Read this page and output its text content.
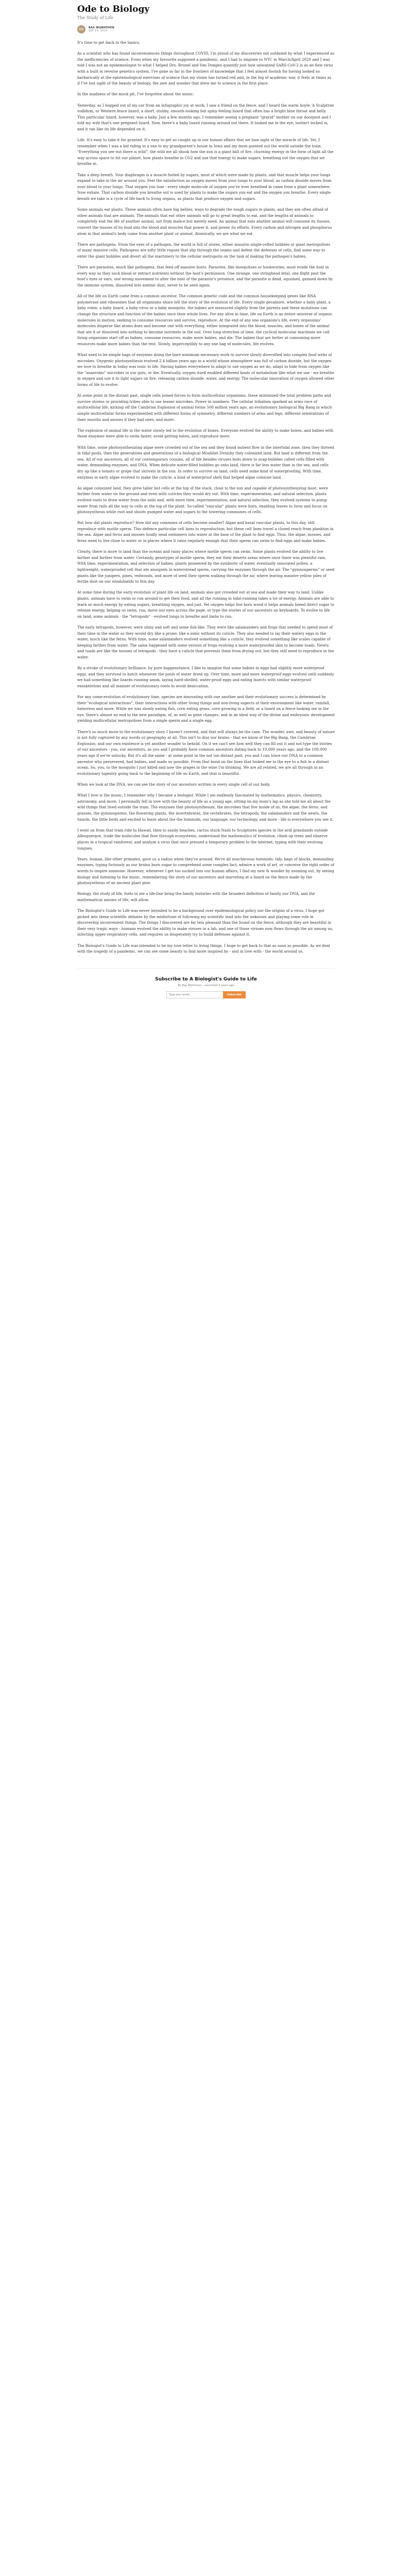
Ode to Biology
The Study of Life
BW	BAS WIJNHOVEN
SEP 14, 2024

It's time to get back to the basics.

As a scientist who has found inconveniences things throughout COVID, I'm proud of my discoveries not outdated by what I experienced as the inefficiencies of science. From when my favourite supposed a pandemic, and I had to migrate to NYC in March/April 2020 and I was told I was not an epidemiologist to what I helped Drs. Brunel and Van Dongen quantify just how unwanted SARS-CoV-2 is as an flow virus with a built in reverse genetics system, I've gone so far in the frontiers of knowledge that I feel almost foolish for having looked so barbarically at the epistemological exercises of science that my vision has turned red and, in the fog of academic war, it feels at times as if I've lost sight of the beauty of biology, the awe and wonder that drew me to science in the first place.

In the madness of the mock pit, I've forgotten about the music.

Yesterday, as I hopped out of my car from an infographic joy at work, I saw a friend on the fence, and I heard the warm hoyle. A Scalptron vodidum, or Western fence lizard, a short, stubby, smooth-looking but spiny-feeling lizard that often has a bright blue throat and belly. This particular lizard, however, was a baby. Just a few months ago, I remember seeing a pregnant "gravid" mother on our doorpost and I told my wife that's one pregnant lizard. Now, there's a baby lizard running around out there. It looked me in the eye, instinct locked in, and it ran like its life depended on it.

Life. It's easy to take it for granted. It's easy to get so caught up in our human affairs that we lose sight of the miracle of life. Yet, I remember when I was a kid riding in a van to my grandparent's house in Iowa and my mom pointed out the world outside the train. "Everything you see out there is wild", the wild me all shook how the sun is a giant ball of fire, churning energy in the form of light all the way across space to hit our planet, how plants breathe in CO2 and use that energy to make sugars, breathing out the oxygen that we breathe in.

Take a deep breath. Your diaphragm is a muscle fueled by sugars, most of which were made by plants, and that muscle helps your lungs expand to take in the air around you. Feel the satisfaction as oxygen moves from your lungs to your blood, as carbon dioxide moves from your blood to your lungs. That oxygen you lose - every single molecule of oxygen you've ever breathed in came from a plant somewhere. Now exhale. That carbon dioxide you breathe out is used by plants to make the sugars you eat and the oxygen you breathe. Every single breath we take is a cycle of life back to living organs, as plants that produce oxygen and sugars.

Some animals eat plants. These animals often have big bellies, ways to degrade the tough sugars in plants, and they are often afraid of other animals that are animals. The animals that eat other animals will go to great lengths to eat, and the lengths of animals to completely end the life of another animal, not from malice but merely need. An animal that eats another animal will consume its tissues, convert the tissues of its food into the blood and muscles that power it, and power its efforts. Every carbon and nitrogen and phosphorus atom in that animal's body came from another plant or animal. Atomically, we are what we eat.

There are pathogens. From the eyes of a pathogen, the world is full of stores, either massive single-celled bubbles or giant metropolises of many massive cells. Pathogens are nifty little rogues that slip through the seams and defeat the defenses of cells, find some way to enter the giant bubbles and divert all the machinery to the cellular metropolis on the task of making the pathogen's babies.

There are parasites, much like pathogens, that feed off massive hosts. Parasites, like mosquitoes or hookworms, must evade the host in every way so they suck blood or extract nutrients without the host's permission. One strange, one stringhead fetal, one flight past the host's eyes or ears, one wrong movement to alter the host of the parasite's presence, and the parasite is dead, squished, gunned down by the immune system, dissolved into anemic dust, never to be seen again.

All of the life on Earth came from a common ancestor. The common genetic code and the common housekeeping genes like RNA polymerase and ribosomes that all organisms share tell the story of the evolution of life. Every single gecamore, whether a baby plant, a baby robin, a baby lizard, a baby virus or a baby mosquito, the babies are measured slightly from the parents and these mutations can change the structure and function of the babies once their whole lives. For any alive in time, life on Earth is an entire universe of organic molecules in motion, seeking to consume resources and survive, reproduce. At the end of any one organism's life, every organisms' molecules disperse like atoms does and become one with everything, either integrated into the blood, muscles, and bones of the animal that ate it or dissolved into nothing to become nutrients in the soil. Over long stretches of time, the cyclical molecular machines we call living organisms start off as babies, consume resources, make more babies, and die. The babies that are better at consuming more resources make more babies than the rest. Slowly, imperceptibly to any one bag of molecules, life evolves.

What used to be simple bags of enzymes doing the bare minimum necessary work to survive slowly diversified into complex food webs of microbes. Oxygenic photosynthesis evolved 2.4 billion years ago in a world whose atmosphere was full of carbon dioxide, but the oxygen we love to breathe in today was toxic to life. Having babies everywhere to adapt to use oxygen as we do, adapt to hide from oxygen like the "anaerobic" microbes in our guts, or die. Eventually, oxygen itself enabled different kinds of metabolism like what we use - we breathe in oxygen and use it to light sugars on fire, releasing carbon dioxide, water, and energy. The molecular innovation of oxygen allowed other forms of life to evolve.

At some point in the distant past, single cells joined forces to form multicellular organisms, these minimized the total problem paths and survive storms or providing tribes able to use leaner microbes. Power in numbers. The cellular tribalism sparked an arms race of multicellular life, kicking off the Cambrian Explosion of animal forms 500 million years ago, an evolutionary biological Big Bang in which simple multicellular forms experimented with different forms of symmetry, different numbers of arms and legs, different orientations of their mouths and anuses if they had ones, and more.

The explosion of animal life in the water slowly led to the evolution of bones. Everyone evolved the ability to make bones, and babies with those enzymes were able to swim faster, avoid getting eaten, and reproduce more.

With time, some photosynthesizing algae were crowded out of the sea and they found nutient flow in the intertidal zone, then they thrived in tidal pools, then the generations and generations of a biological Moubliet Dvnishy they colonized land. But land is different from the sea. All of our ancestors, all of our contemporary cousins, all of life besides viruses boils down to soap-bubbles called cells filled with water, demanding enzymes, and DNA. When delicate water-filled bubbles go onto land, there is far less water than in the sea, and cells dry up like a tomato or grape that shrivels in the sun. In order to survive on land, cells need some kind of waterproofing. With time, enzymes in early algae evolved to make the cuticle, a kind of waterproof shell that helped algae colonize land.

As algae colonized land, they grew taller but cells at the top of the stack, close to the sun and capable of photosynthesizing most, were farther from water on the ground and even with cuticles they would dry out. With time, experimentation, and natural selection, plants evolved roots to draw water from the soils and, with more time, experimentation, and natural selection, they evolved systems to pump water from rails all the way to cells at the top of the plant. So-called "vascular" plants were born, enabling leaves to form and focus on photosynthesis while root and shoots pumped water and sugars to the towering communes of cells.

But how did plants reproduce? How did any commons of cells become smaller? Algae and basal vascular plants, to this day, still reproduce with motile sperm. This defence particular cell lines to reproduction, but these cell lines travel a closed reach from plankton in the sea. Algae and ferns and mosses loudly send swimmers into water at the base of the plant to find eggs. Thus, the algae, mosses, and ferns need to live close to water or in places where it rains regularly enough that their sperm can swim to find eggs and make babies.

Clearly, there is more to land than the oceans and rainy places where motile sperm can swim. Some plants evolved the ability to live farther and farther from water. Certainly, genotypes of motile sperm, they eat their deserts areas where once there was plentiful rain. With time, experimentation, and selection of babies, plants pioneered by the symbiotic of water, eventually innovated pollen, a lightweight, waterproofed cell that ate anuspiels in waterstread sperm, carrying the enzymes through the air. The "gymnosperms" or seed plants like the junipers, pines, redwoods, and more of seed their sperm walking through the air, where leaving massive yellow piles of fertile dust on our windshields to this day.

At some time during the early evolution of plant life on land, animals also got crowded out at sea and made their way to land. Unlike plants, animals have to swim or run around to get their food, and all the running in tidal-running takes a lot of energy. Animals are able to learn so much energy by eating sugars, breathing oxygen, and just. Yet oxygen helps live born wood it helps animals breed direct sugar to release energy, helping us swim, run, move our eyes across the page, or type the stories of our ancestors on keyboards. To evolve to life on land, some animals - the "tetrapods" - evolved lungs to breathe and limbs to run.

The early tetrapods, however, were slimy and soft and some fish-like. They were like salamanders and frogs that needed to spend most of their time in the water so they would dry like a prune, like a sonic without its cuticle. They also needed to lay their watery eggs in the water, much like the ferns. With time, some salamanders evolved something like a cuticle, they evolved something like scales capable of keeping farther from water. The same happened with some version of frogs evolving a more waterproofed skin to become toads. Newts and toads are like the mosses of tetrapods - they have a cuticle that prevents them from drying out, but they still need to reproduce in the water.

By a stroke of evolutionary brilliance, by pure happenstance, I like to imagine that some babies in eggs had slightly more waterproof eggs, and they survived to hatch whenever the pools of water dried up. Over time, more and more waterproof eggs evolved until suddenly we had something like lizards running amok, laying hard-shelled, water-proof eggs and eating insects with similar waterproof exoskeletons and all manner of evolutionary roots to avoid desiccation.

For any come-evolution of evolutionary time, species are innovating with one another and their evolutionary success is determined by their "ecological interactions", their interactions with other living things and non-living aspects of their environment like water, rainfall, haterress and more. While we was slowly eating fish, corn eating grass, corn growing in a field, or a lizard on a fence looking me in the eye, there's almost no end to the new paradigm, of, as well as gene changes, and in an ideal way of the divine and embryonic development yielding multicellular metropolises from a single sperm and a single egg.

There's so much more to the evolutionary story I haven't covered, and that will always be the case. The wonder, awe, and beauty of nature is not fully captured by any words or geography at all. This isn't to diss our brains - that we know of the Big Bang, the Cambrian Explosion, and our own existence is yet another wonder to behold. On it we can't see how well they can fill out it and not type the stories of our ancestors - you, our ancestors, as you and I probably have common ancestors dating back to 10,000 years ago, and the 100,000 years ago if we're unlucky. But it's all the same - at some point in the not too distant past, you and I can trace our DNA to a common ancestor who persevered, had babies, and made us possible. From that bond on the lines that looked me in the eye to a fish in a distant ocean. So, you, to the mosquito I just killed and now the grapes in the wine I'm drinking. We are all related, we are all through in an evolutionary tapestry going back to the beginning of life on Earth, and that is beautiful.

When we look at the DNA, we can see the story of our ancestors written in every single cell of our body.

What I love is the music, I remember why I became a biologist. While I am endlessly fascinated by mathematics, physics, chemistry, astronomy, and more, I personally fell in love with the beauty of life as a young age, sitting on my mom's lap as she told me all about the wild things that lived outside the train. The enzymes that photosynthesize, the microbes that live inside of us, the algae, the ferns, and grasses, the gymnosperms, the flowering plants, the invertebrates, the vertebrates, the tetrapods, the salamanders and the newts, the lizards, the little birds and excited to learn about the the hominids, our language, our technology, and more - life is everywhere you see it.

I went on from that train ride to Hawaii, then to sandy beaches, cactus stuck Nash to Sculptures species in the arid grasslands outside Albuquerque, trade the molecules that flow through ecosystems, understand the mathematics of evolution, climb up trees and observe places in a tropical rainforest, and analyze a virus that once pressed a temporary problem to the internet, typing with their evolving tongues.

Years, human, like other primates, gave us a radius when they're around. We're all mischievous hominids: tidy, bags of blocks, demanding enzymes, typing furiously as our brains burn sugar to comprehend some complex fact, admire a work of art, or conceive the right order of words to inspire someone. However, whenever I get too sucked into our human affairs, I find my new & wonder by zooming out, by seeing biology and listening to the music, remembering the story of our ancestors and marveling at a lizard on the fence made by the photosynthesis of an ancient plant pine.

Biology, the study of life, fuels to me a life-line bring the family histories with the broadest definition of family our DNA, and the mathematical axioms of life, will allow.

The Biologist's Guide to Life was never intended to be a background over epidemiological policy nor the origins of a virus. I hope got picked into these scientific debates by the misfortune of following my scientific lead into the unknown and playing some role in discovering inconvenient things. The things I discovered are far less pleasant than the found on the fence, although they are beautiful in their very tragic ways - humans evolved the ability to make viruses in a lab, and one of those viruses now flows through the air among us, infecting upper respiratory cells, and requires us desperately try to build defenses against it.

The Biologist's Guide to Life was intended to be my love letter to living things. I hope to get back to that as soon as possible. As we deal with the tragedy of a pandemic, we can see some beauty to find more inspired by - and in love with - the world around us.

Subscribe to A Biologist's Guide to Life
By Bas Wijnhoven - Launched 4 years ago
Type your email...
Subscribe
